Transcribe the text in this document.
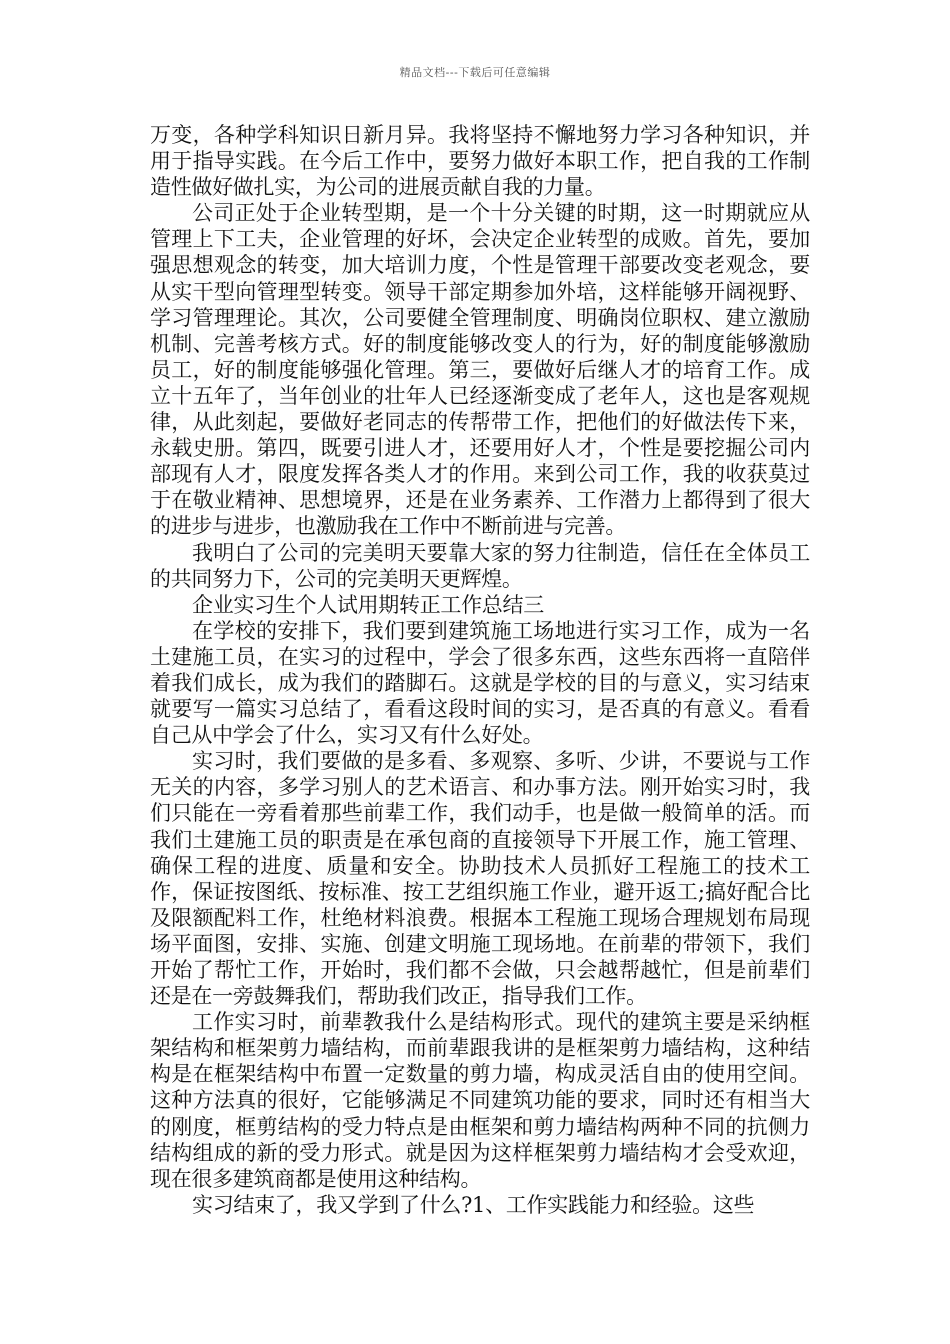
精品文档---下载后可任意编辑

万变，各种学科知识日新月异。我将坚持不懈地努力学习各种知识，并用于指导实践。在今后工作中，要努力做好本职工作，把自我的工作制造性做好做扎实，为公司的进展贡献自我的力量。

公司正处于企业转型期，是一个十分关键的时期，这一时期就应从管理上下工夫，企业管理的好坏，会决定企业转型的成败。首先，要加强思想观念的转变，加大培训力度，个性是管理干部要改变老观念，要从实干型向管理型转变。领导干部定期参加外培，这样能够开阔视野、学习管理理论。其次，公司要健全管理制度、明确岗位职权、建立激励机制、完善考核方式。好的制度能够改变人的行为，好的制度能够激励员工，好的制度能够强化管理。第三，要做好后继人才的培育工作。成立十五年了，当年创业的壮年人已经逐渐变成了老年人，这也是客观规律，从此刻起，要做好老同志的传帮带工作，把他们的好做法传下来，永载史册。第四，既要引进人才，还要用好人才，个性是要挖掘公司内部现有人才，限度发挥各类人才的作用。来到公司工作，我的收获莫过于在敬业精神、思想境界，还是在业务素养、工作潜力上都得到了很大的进步与进步，也激励我在工作中不断前进与完善。

我明白了公司的完美明天要靠大家的努力往制造，信任在全体员工的共同努力下，公司的完美明天更辉煌。

企业实习生个人试用期转正工作总结三

在学校的安排下，我们要到建筑施工场地进行实习工作，成为一名土建施工员，在实习的过程中，学会了很多东西，这些东西将一直陪伴着我们成长，成为我们的踏脚石。这就是学校的目的与意义，实习结束就要写一篇实习总结了，看看这段时间的实习，是否真的有意义。看看自己从中学会了什么，实习又有什么好处。

实习时，我们要做的是多看、多观察、多听、少讲，不要说与工作无关的内容，多学习别人的艺术语言、和办事方法。刚开始实习时，我们只能在一旁看着那些前辈工作，我们动手，也是做一般简单的活。而我们土建施工员的职责是在承包商的直接领导下开展工作，施工管理、确保工程的进度、质量和安全。协助技术人员抓好工程施工的技术工作，保证按图纸、按标准、按工艺组织施工作业，避开返工;搞好配合比及限额配料工作，杜绝材料浪费。根据本工程施工现场合理规划布局现场平面图，安排、实施、创建文明施工现场地。在前辈的带领下，我们开始了帮忙工作，开始时，我们都不会做，只会越帮越忙，但是前辈们还是在一旁鼓舞我们，帮助我们改正，指导我们工作。

工作实习时，前辈教我什么是结构形式。现代的建筑主要是采纳框架结构和框架剪力墙结构，而前辈跟我讲的是框架剪力墙结构，这种结构是在框架结构中布置一定数量的剪力墙，构成灵活自由的使用空间。这种方法真的很好，它能够满足不同建筑功能的要求，同时还有相当大的刚度，框剪结构的受力特点是由框架和剪力墙结构两种不同的抗侧力结构组成的新的受力形式。就是因为这样框架剪力墙结构才会受欢迎，现在很多建筑商都是使用这种结构。

实习结束了，我又学到了什么?1、工作实践能力和经验。这些
